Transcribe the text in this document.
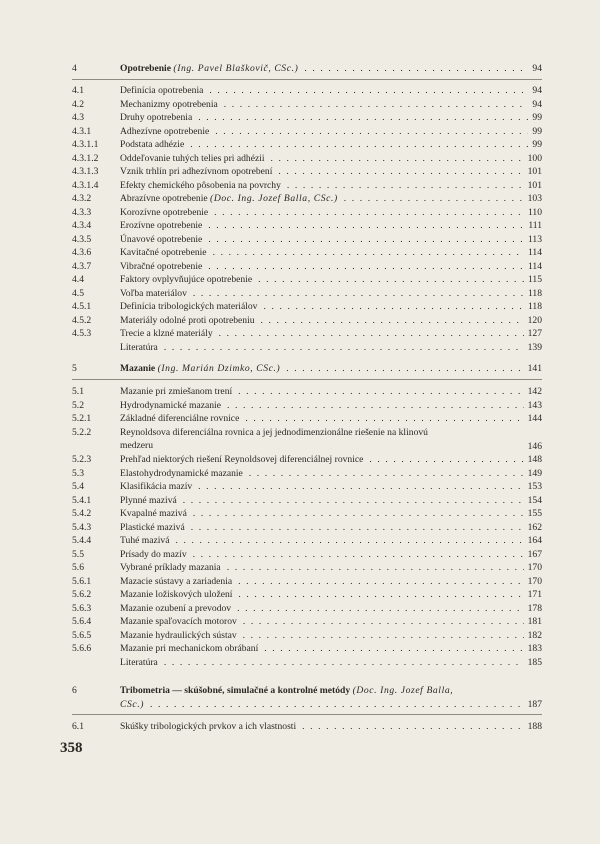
4	Opotrebenie (Ing. Pavel Blaškovič, CSc.) . . .	94
4.1	Definícia opotrebenia . . .	94
4.2	Mechanizmy opotrebenia . . .	94
4.3	Druhy opotrebenia . . .	99
4.3.1	Adhezívne opotrebenie . . .	99
4.3.1.1 Podstata adhézie . . .	99
4.3.1.2 Oddeľovanie tuhých telies pri adhézii . . .	100
4.3.1.3 Vznik trhlín pri adhezívnom opotrebení . . .	101
4.3.1.4 Efekty chemického pôsobenia na povrchy . . .	101
4.3.2	Abrazívne opotrebenie (Doc. Ing. Jozef Balla, CSc.) . . .	103
4.3.3	Korozívne opotrebenie . . .	110
4.3.4	Erozívne opotrebenie . . .	111
4.3.5	Únavové opotrebenie . . .	113
4.3.6	Kavitačné opotrebenie . . .	114
4.3.7	Vibračné opotrebenie . . .	114
4.4	Faktory ovplyvňujúce opotrebenie . . .	115
4.5	Voľba materiálov . . .	118
4.5.1	Definícia tribologických materiálov . . .	118
4.5.2	Materiály odolné proti opotrebeniu . . .	120
4.5.3	Trecie a klzné materiály . . .	127
Literatúra . . .	139
5	Mazanie (Ing. Marián Dzimko, CSc.) . . .	141
5.1	Mazanie pri zmiešanom trení . . .	142
5.2	Hydrodynamické mazanie . . .	143
5.2.1	Základné diferenciálne rovnice . . .	144
5.2.2	Reynoldsova diferenciálna rovnica a jej jednodimenzionálne riešenie na klinovú
medzeru	146
5.2.3	Prehľad niektorých riešení Reynoldsovej diferenciálnej rovnice . . .	148
5.3	Elastohydrodynamické mazanie . . .	149
5.4	Klasifikácia mazív . . .	153
5.4.1	Plynné mazivá . . .	154
5.4.2	Kvapalné mazivá . . .	155
5.4.3	Plastické mazivá . . .	162
5.4.4	Tuhé mazivá . . .	164
5.5	Prísady do mazív . . .	167
5.6	Vybrané príklady mazania . . .	170
5.6.1	Mazacie sústavy a zariadenia . . .	170
5.6.2	Mazanie ložiskových uložení . . .	171
5.6.3	Mazanie ozubení a prevodov . . .	178
5.6.4	Mazanie spaľovacích motorov . . .	181
5.6.5	Mazanie hydraulických sústav . . .	182
5.6.6	Mazanie pri mechanickom obrábaní . . .	183
Literatúra . . .	185
6	Tribometria — skúšobné, simulačné a kontrolné metódy (Doc. Ing. Jozef Balla,
CSc.) . . .	187
6.1	Skúšky tribologických prvkov a ich vlastnosti . . .	188
358
